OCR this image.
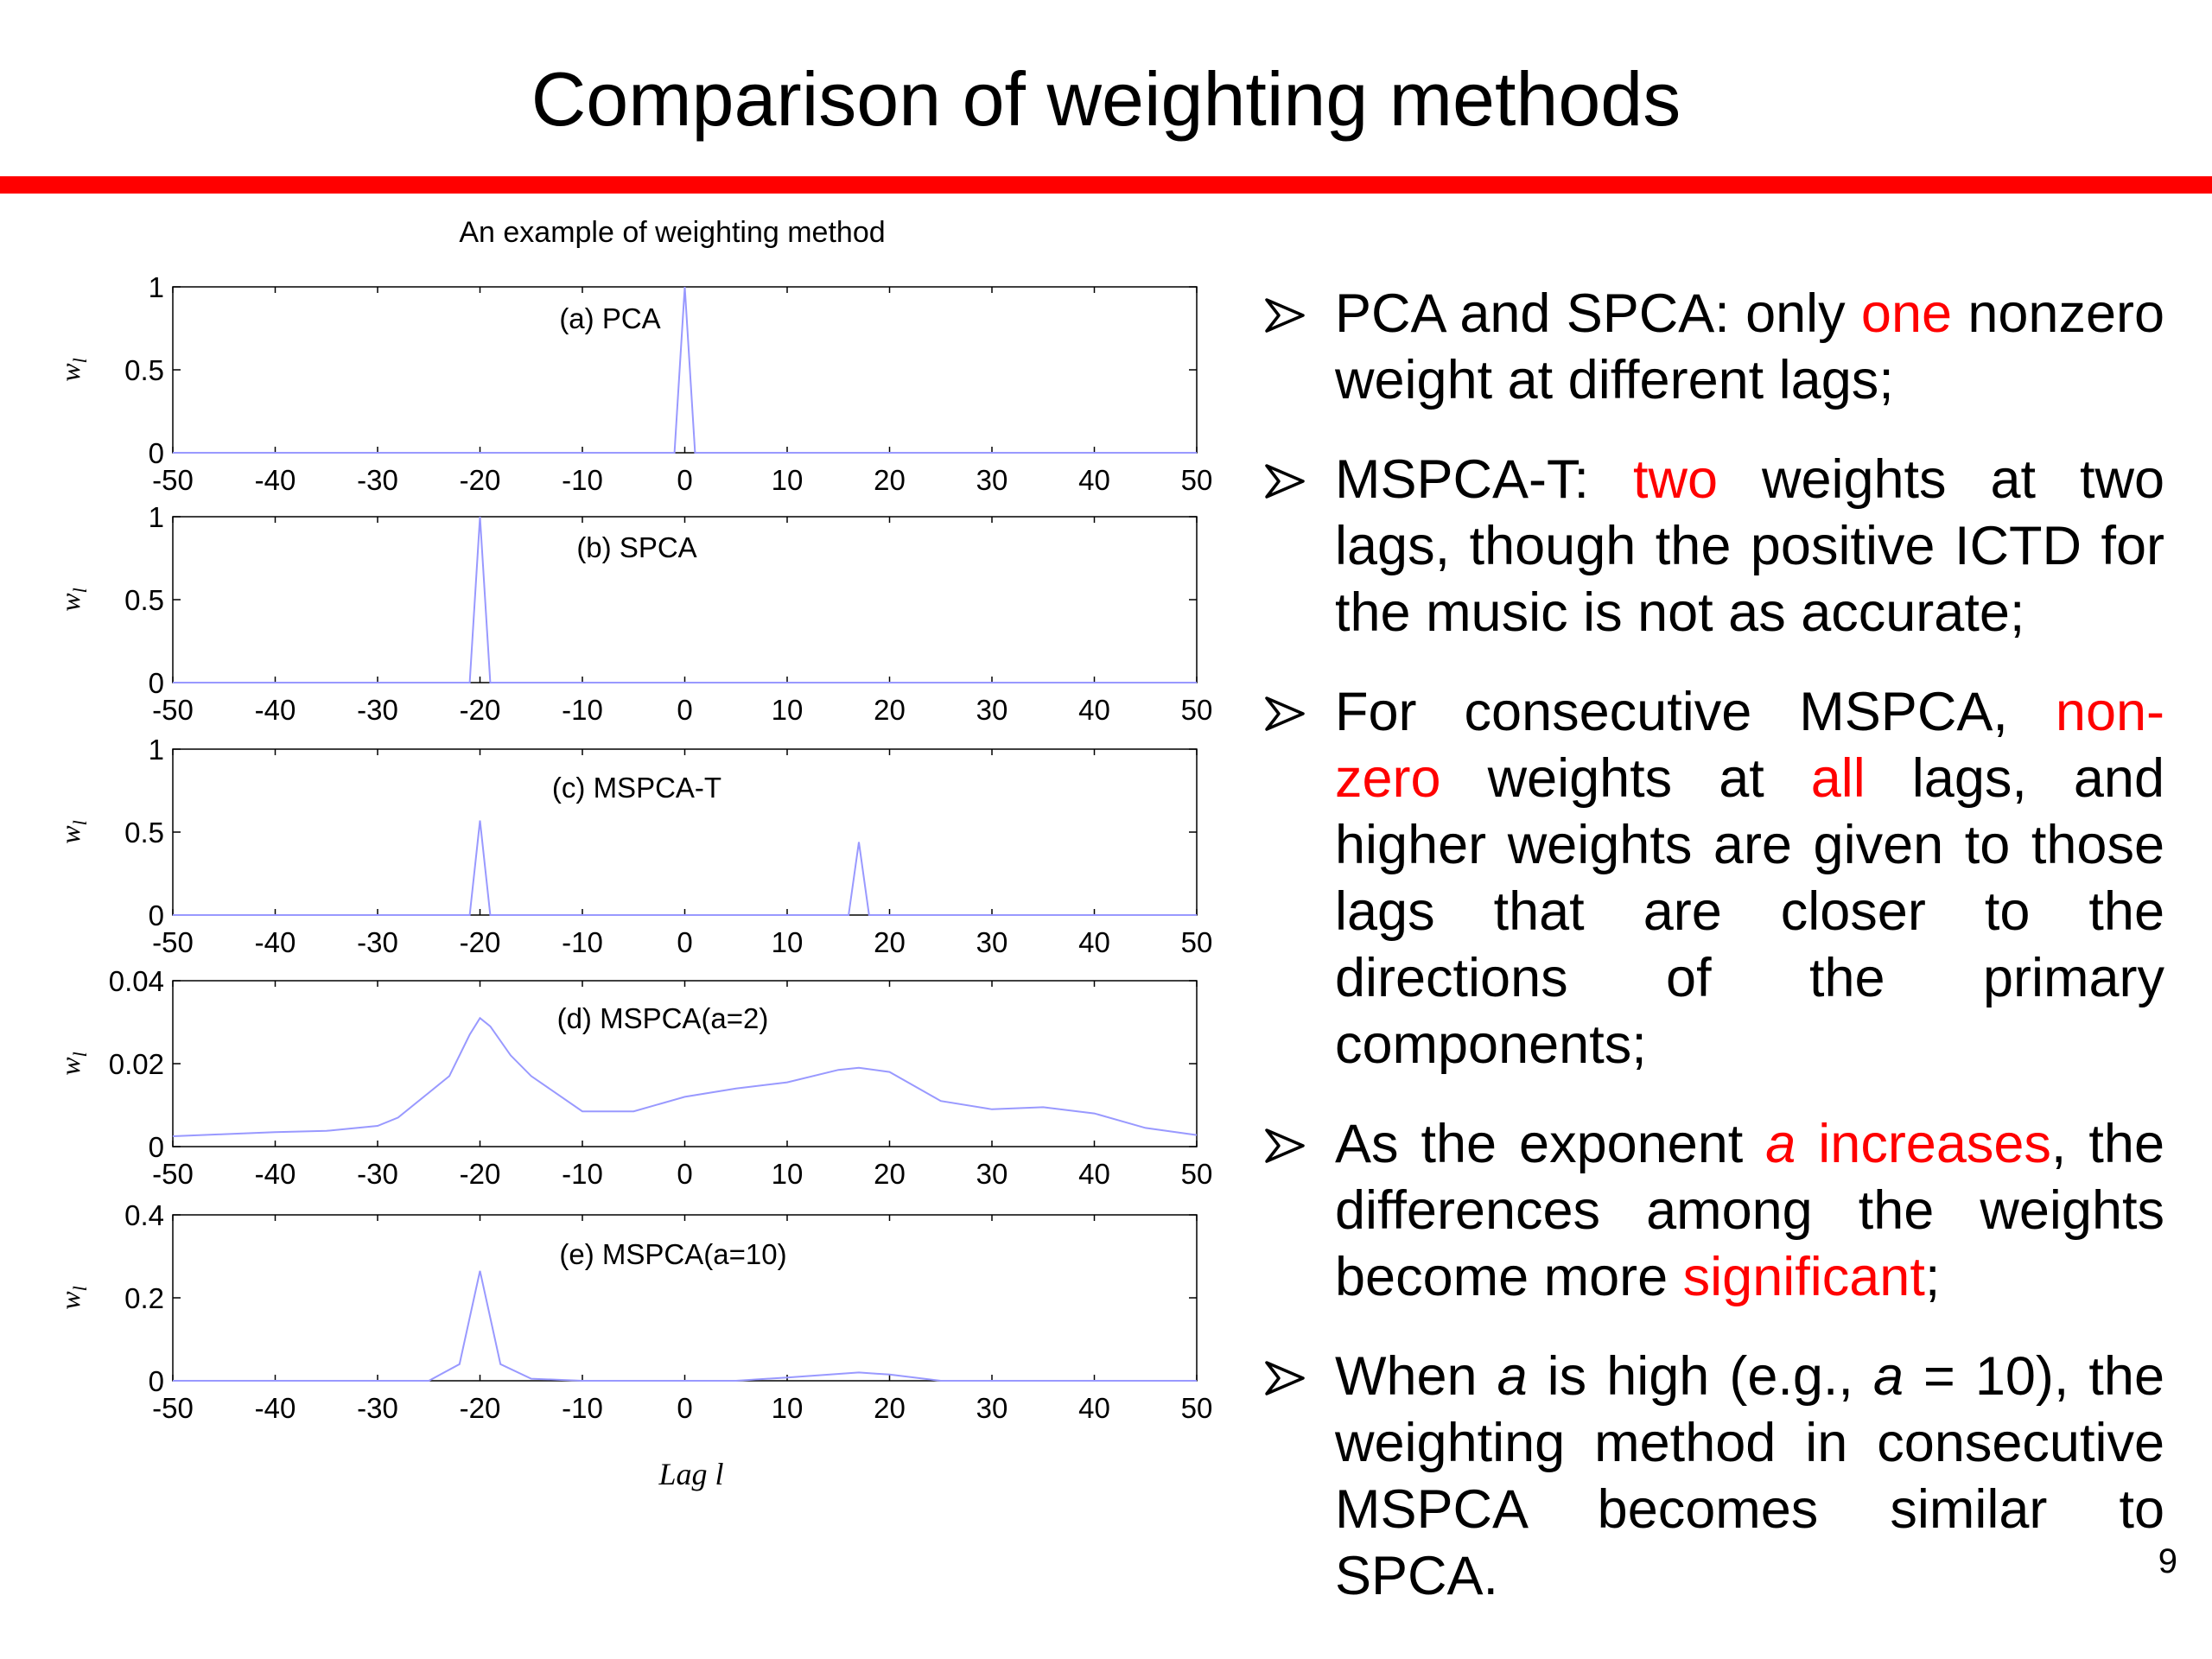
Comparison of weighting methods
An example of weighting method
-50 -40 -30 -20 -10	0	10 20 30 40 50
0
0.5
1
$w_l$
(a) PCA
-50 -40 -30 -20 -10	0	10 20 30 40 50
0
0.5
1
$w_l$
(b) SPCA
-50 -40 -30 -20 -10	0	10 20 30 40 50
0
0.5
1
$w_l$
(c) MSPCA-T
-50 -40 -30 -20 -10	0	10 20 30 40 50
0
0.02
0.04
$w_l$
(d) MSPCA(a=2)
-50 -40 -30 -20 -10	0	10 20 30 40 50
0
0.2
0.4
$w_l$
(e) MSPCA(a=10)
Lag l
PCA and SPCA: only one nonzero weight at different lags;
MSPCA-T: two weights at two lags, though the positive ICTD for the music is not as accurate;
For consecutive MSPCA, non-zero weights at all lags, and higher weights are given to those lags that are closer to the directions of the primary components;
As the exponent a increases, the differences among the weights become more significant;
When a is high (e.g., a = 10), the weighting method in consecutive MSPCA becomes similar to SPCA.	9
